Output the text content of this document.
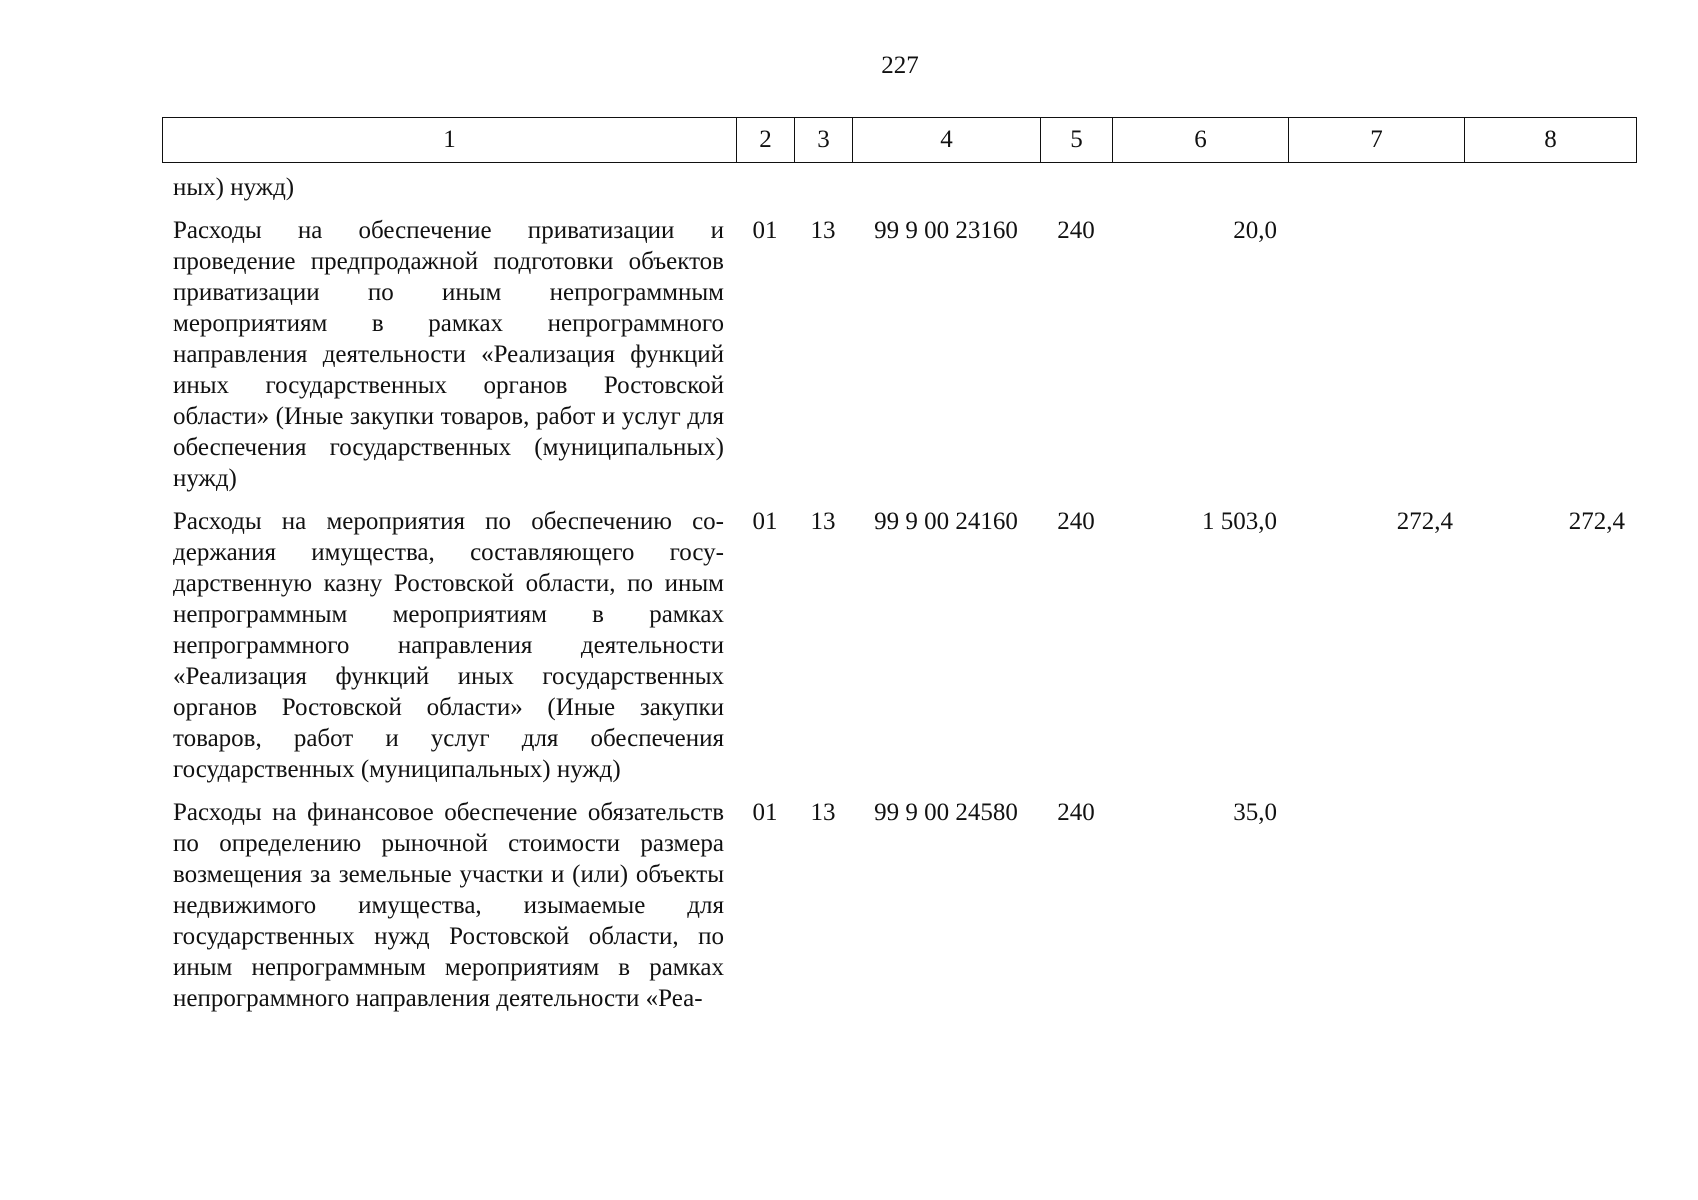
227
1	2	3	4	5	6	7	8
ных) нужд)							
Расходы на обеспечение приватизации и проведение предпродажной подготовки объектов приватизации по иным непрограммным мероприятиям в рамках непрограммного направления деятельности «Реализация функций иных государственных органов Ростовской области» (Иные закупки товаров, работ и услуг для обеспечения государственных (муниципальных) нужд)	01	13	99 9 00 23160	240	20,0		
Расходы на мероприятия по обеспечению содержания имущества, составляющего государственную казну Ростовской области, по иным непрограммным мероприятиям в рамках непрограммного направления деятельности «Реализация функций иных государственных органов Ростовской области» (Иные закупки товаров, работ и услуг для обеспечения государственных (муниципальных) нужд)	01	13	99 9 00 24160	240	1 503,0	272,4	272,4
Расходы на финансовое обеспечение обязательств по определению рыночной стоимости размера возмещения за земельные участки и (или) объекты недвижимого имущества, изымаемые для государственных нужд Ростовской области, по иным непрограммным мероприятиям в рамках непрограммного направления деятельности «Реа-	01	13	99 9 00 24580	240	35,0		
